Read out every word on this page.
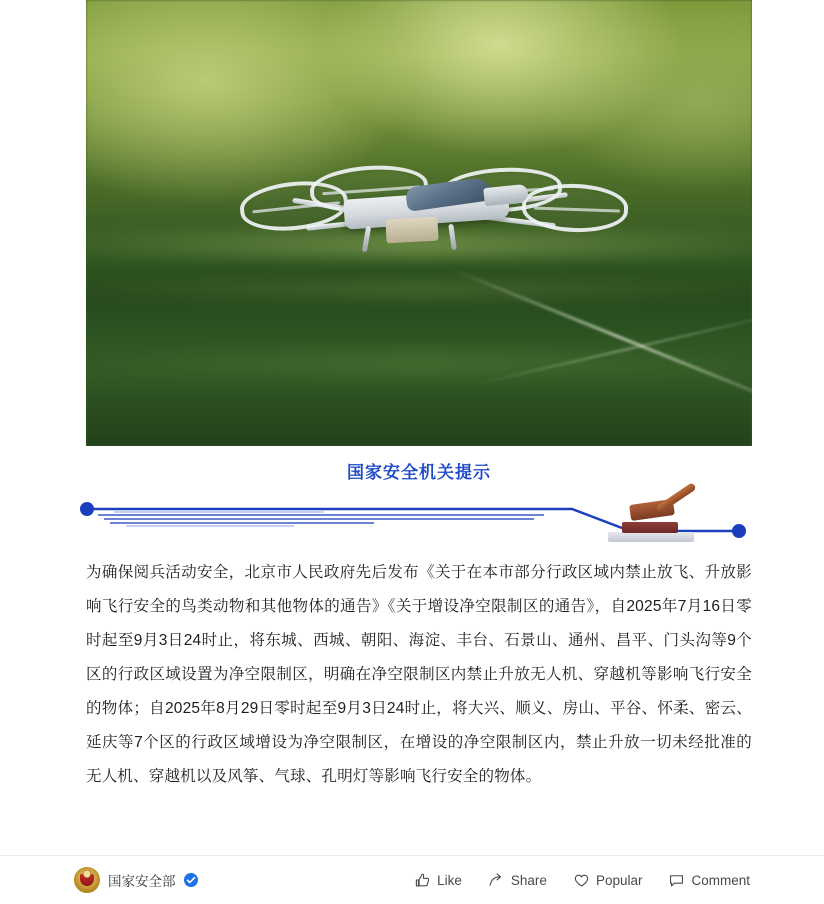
国家安全机关提示
为确保阅兵活动安全，北京市人民政府先后发布《关于在本市部分行政区域内禁止放飞、升放影响飞行安全的鸟类动物和其他物体的通告》《关于增设净空限制区的通告》，自2025年7月16日零时起至9月3日24时止，将东城、西城、朝阳、海淀、丰台、石景山、通州、昌平、门头沟等9个区的行政区域设置为净空限制区，明确在净空限制区内禁止升放无人机、穿越机等影响飞行安全的物体；自2025年8月29日零时起至9月3日24时止，将大兴、顺义、房山、平谷、怀柔、密云、延庆等7个区的行政区域增设为净空限制区，在增设的净空限制区内，禁止升放一切未经批准的无人机、穿越机以及风筝、气球、孔明灯等影响飞行安全的物体。
国家安全部	Like	Share	Popular	Comment
